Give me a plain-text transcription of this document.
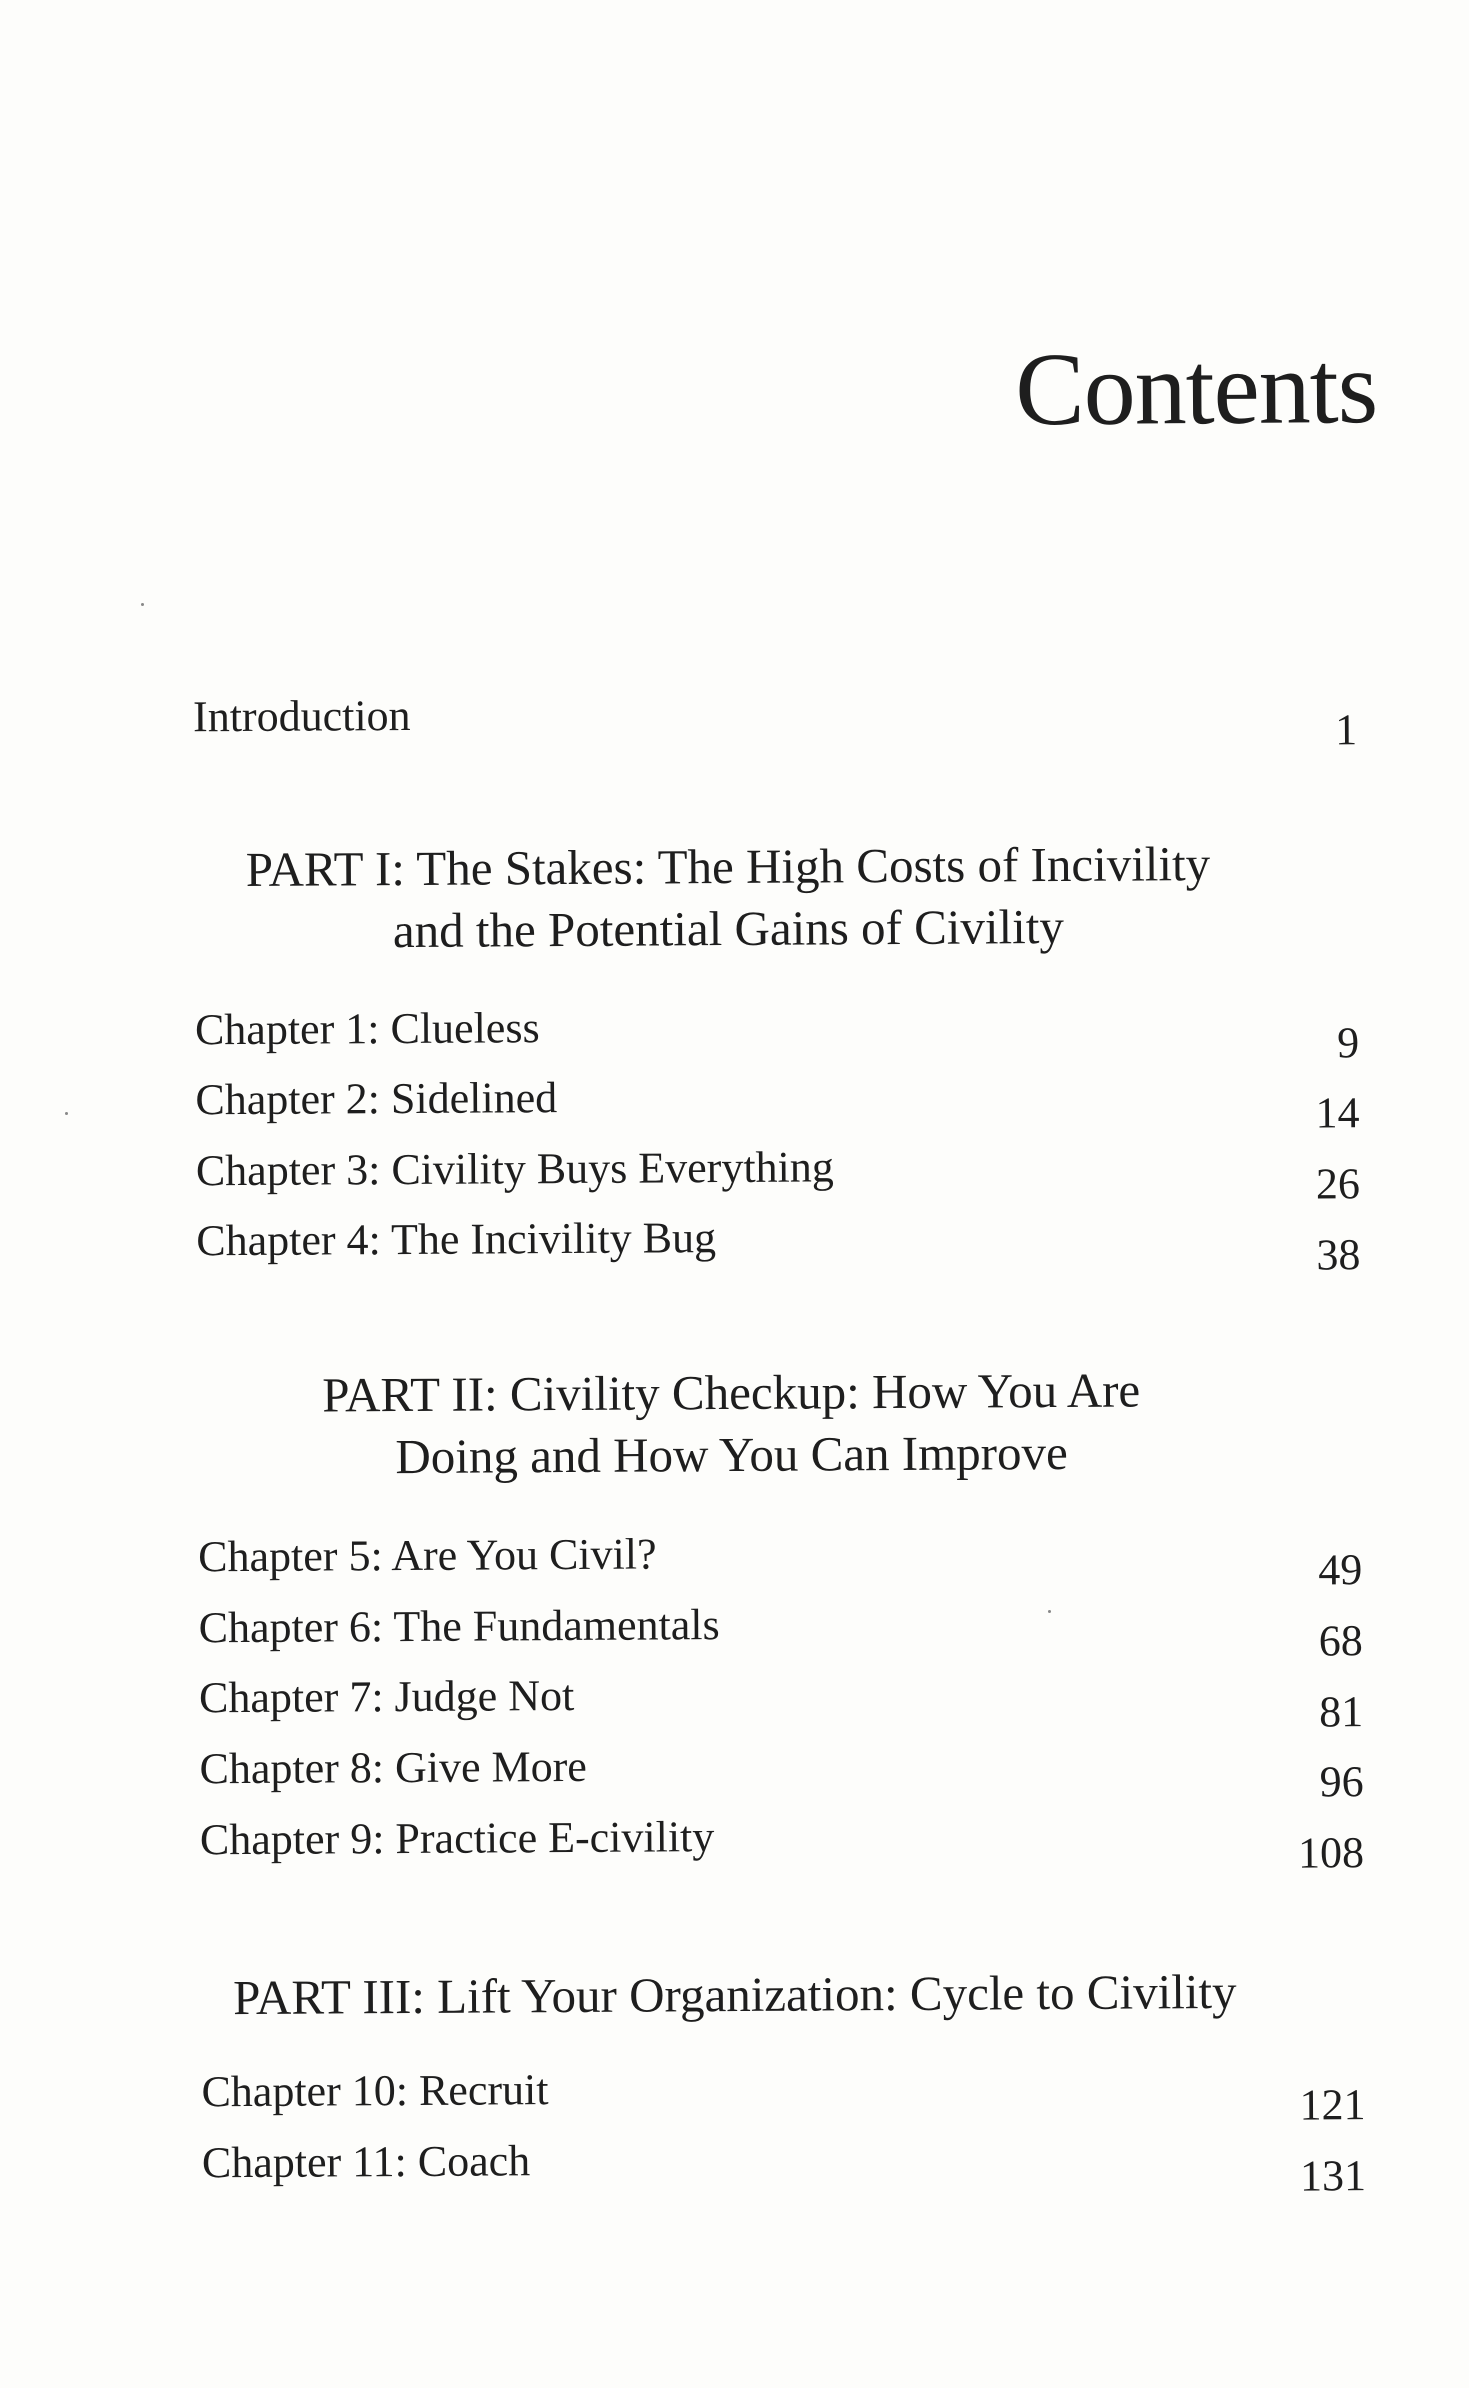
Contents
Introduction	1
PART I: The Stakes: The High Costs of Incivility
and the Potential Gains of Civility
Chapter 1: Clueless	9
Chapter 2: Sidelined	14
Chapter 3: Civility Buys Everything	26
Chapter 4: The Incivility Bug	38
PART II: Civility Checkup: How You Are
Doing and How You Can Improve
Chapter 5: Are You Civil?	49
Chapter 6: The Fundamentals	68
Chapter 7: Judge Not	81
Chapter 8: Give More	96
Chapter 9: Practice E-civility	108
PART III: Lift Your Organization: Cycle to Civility
Chapter 10: Recruit	121
Chapter 11: Coach	131
